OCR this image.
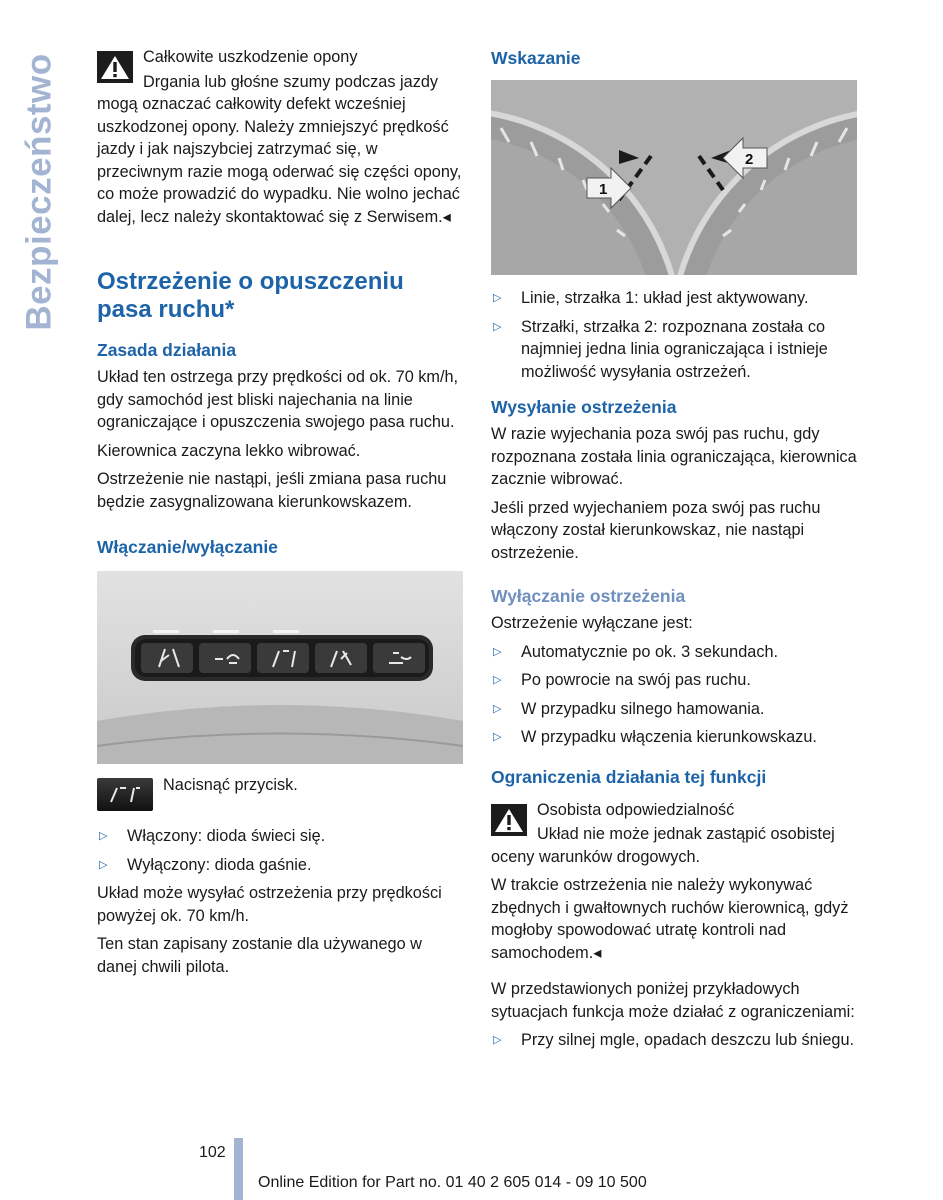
Bezpieczeństwo	Całkowite uszkodzenie opony

Drgania lub głośne szumy podczas jazdy mogą oznaczać całkowity defekt wcześniej uszkodzonej opony. Należy zmniejszyć prędkość jazdy i jak najszybciej zatrzymać się, w przeciwnym razie mogą oderwać się części opony, co może prowadzić do wypadku. Nie wolno jechać dalej, lecz należy skontaktować się z Serwisem.◂

Ostrzeżenie o opuszczeniu pasa ruchu*
Zasada działania

Układ ten ostrzega przy prędkości od ok. 70 km/h, gdy samochód jest bliski najechania na linie ograniczające i opuszczenia swojego pasa ruchu.

Kierownica zaczyna lekko wibrować.

Ostrzeżenie nie nastąpi, jeśli zmiana pasa ruchu będzie zasygnalizowana kierunkowskazem.

Włączanie/wyłączanie

Nacisnąć przycisk.

▷ Włączony: dioda świeci się.
▷ Wyłączony: dioda gaśnie.

Układ może wysyłać ostrzeżenia przy prędkości powyżej ok. 70 km/h.

Ten stan zapisany zostanie dla używanego w danej chwili pilota.

Wskazanie
1
2
▷ Linie, strzałka 1: układ jest aktywowany.
▷ Strzałki, strzałka 2: rozpoznana została co najmniej jedna linia ograniczająca i istnieje możliwość wysyłania ostrzeżeń.
Wysyłanie ostrzeżenia

W razie wyjechania poza swój pas ruchu, gdy rozpoznana została linia ograniczająca, kierownica zacznie wibrować.

Jeśli przed wyjechaniem poza swój pas ruchu włączony został kierunkowskaz, nie nastąpi ostrzeżenie.

Wyłączanie ostrzeżenia

Ostrzeżenie wyłączane jest:

▷ Automatycznie po ok. 3 sekundach.
▷ Po powrocie na swój pas ruchu.
▷ W przypadku silnego hamowania.
▷ W przypadku włączenia kierunkowskazu.
Ograniczenia działania tej funkcji

Osobista odpowiedzialność

Układ nie może jednak zastąpić osobistej oceny warunków drogowych.

W trakcie ostrzeżenia nie należy wykonywać zbędnych i gwałtownych ruchów kierownicą, gdyż mogłoby spowodować utratę kontroli nad samochodem.◂

W przedstawionych poniżej przykładowych sytuacjach funkcja może działać z ograniczeniami:

▷ Przy silnej mgle, opadach deszczu lub śniegu.
102
Online Edition for Part no. 01 40 2 605 014 - 09 10 500
